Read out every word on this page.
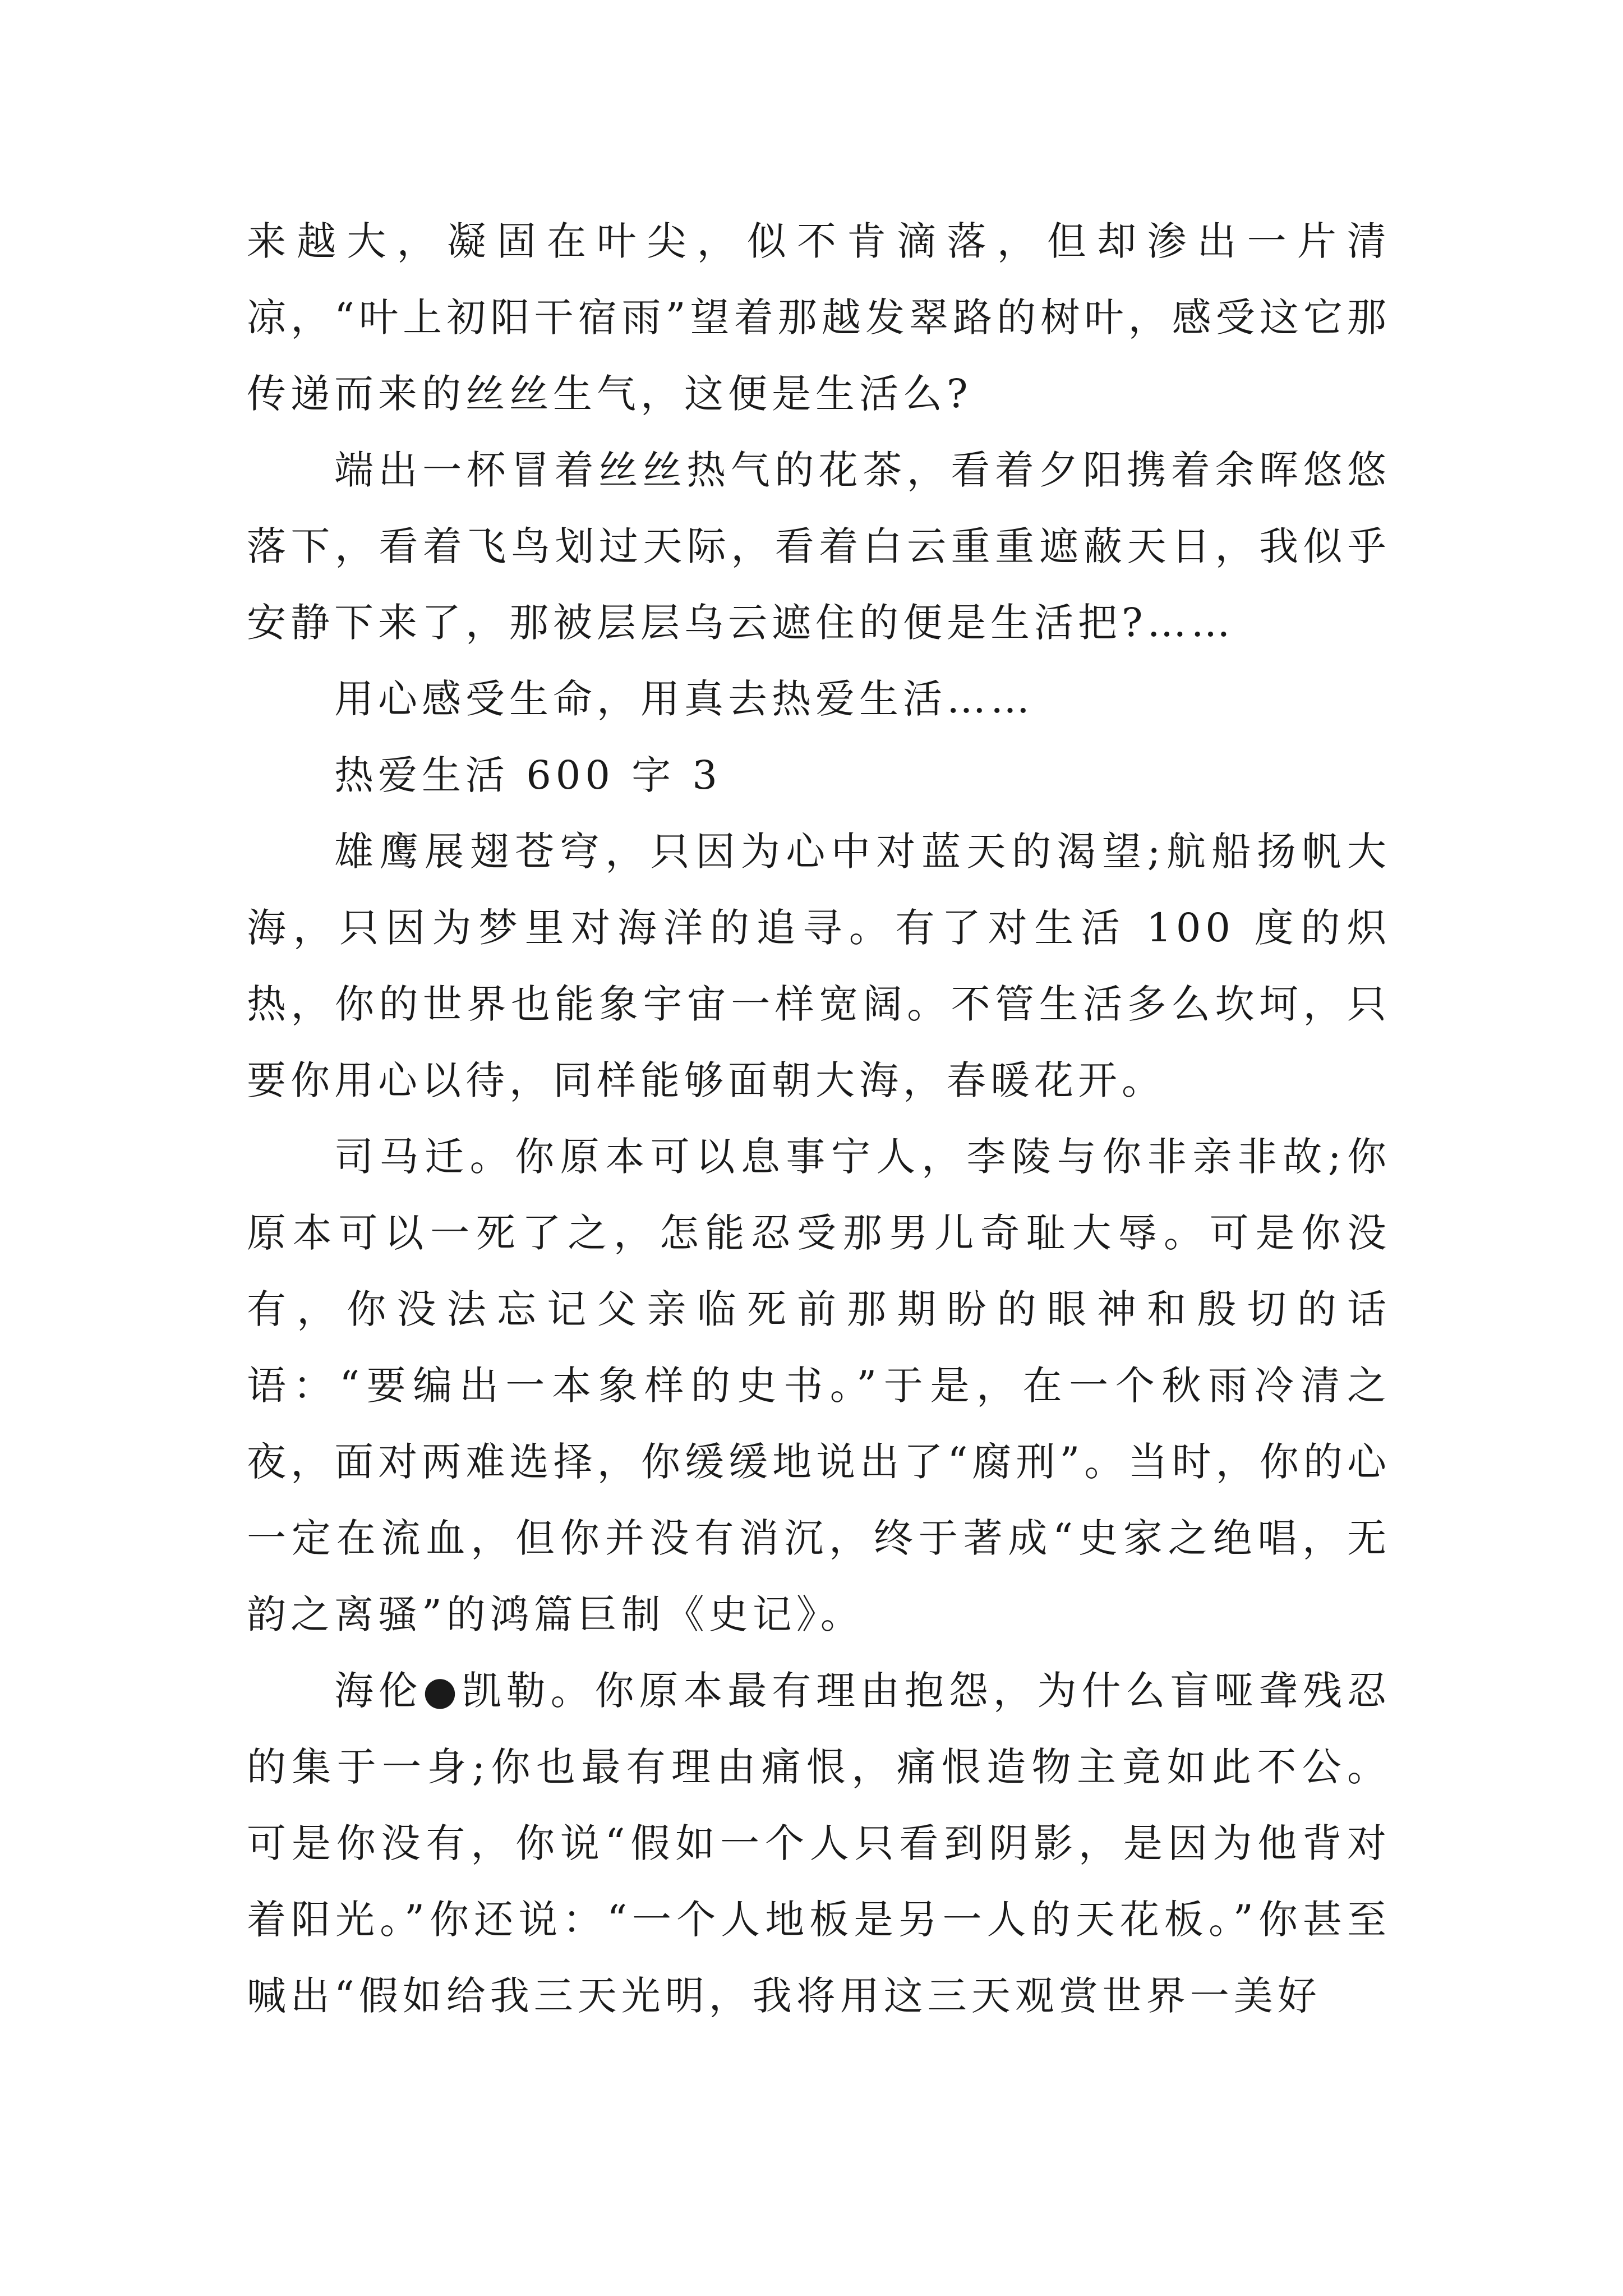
来越大，凝固在叶尖，似不肯滴落，但却渗出一片清凉，“叶上初阳干宿雨”望着那越发翠路的树叶，感受这它那传递而来的丝丝生气，这便是生活么?

端出一杯冒着丝丝热气的花茶，看着夕阳携着余晖悠悠落下，看着飞鸟划过天际，看着白云重重遮蔽天日，我似乎安静下来了，那被层层乌云遮住的便是生活把?……

用心感受生命，用真去热爱生活……

热爱生活 600 字 3

雄鹰展翅苍穹，只因为心中对蓝天的渴望;航船扬帆大海，只因为梦里对海洋的追寻。有了对生活 100 度的炽热，你的世界也能象宇宙一样宽阔。不管生活多么坎坷，只要你用心以待，同样能够面朝大海，春暖花开。

司马迁。你原本可以息事宁人，李陵与你非亲非故;你原本可以一死了之，怎能忍受那男儿奇耻大辱。可是你没有，你没法忘记父亲临死前那期盼的眼神和殷切的话语：“要编出一本象样的史书。”于是，在一个秋雨冷清之夜，面对两难选择，你缓缓地说出了“腐刑”。当时，你的心一定在流血，但你并没有消沉，终于著成“史家之绝唱，无韵之离骚”的鸿篇巨制《史记》。

海伦●凯勒。你原本最有理由抱怨，为什么盲哑聋残忍的集于一身;你也最有理由痛恨，痛恨造物主竟如此不公。可是你没有，你说“假如一个人只看到阴影，是因为他背对着阳光。”你还说：“一个人地板是另一人的天花板。”你甚至喊出“假如给我三天光明，我将用这三天观赏世界一美好
